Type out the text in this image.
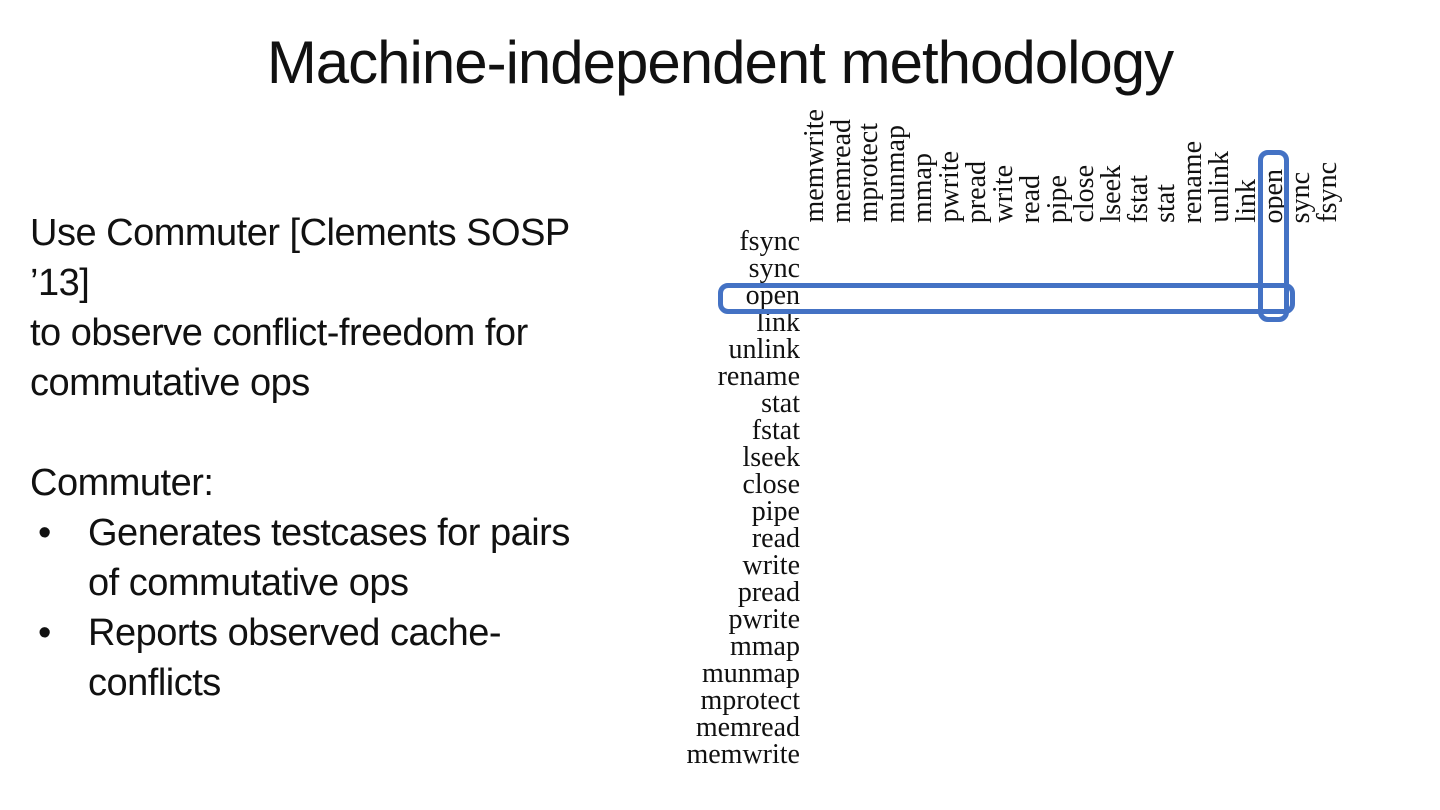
Machine-independent methodology
Use Commuter [Clements SOSP
’13]
to observe conflict-freedom for
commutative ops
Commuter:
• Generates testcases for pairs
of commutative ops
• Reports observed cache-
conflicts
fsync
sync
open
link
unlink
rename
stat
fstat
lseek
close
pipe
read
write
pread
pwrite
mmap
munmap
mprotect
memread
memwrite
memwrite
memread
mprotect
munmap
mmap
pwrite
pread
write
read
pipe
close
lseek
fstat
stat
rename
unlink
link
open
sync
fsync
